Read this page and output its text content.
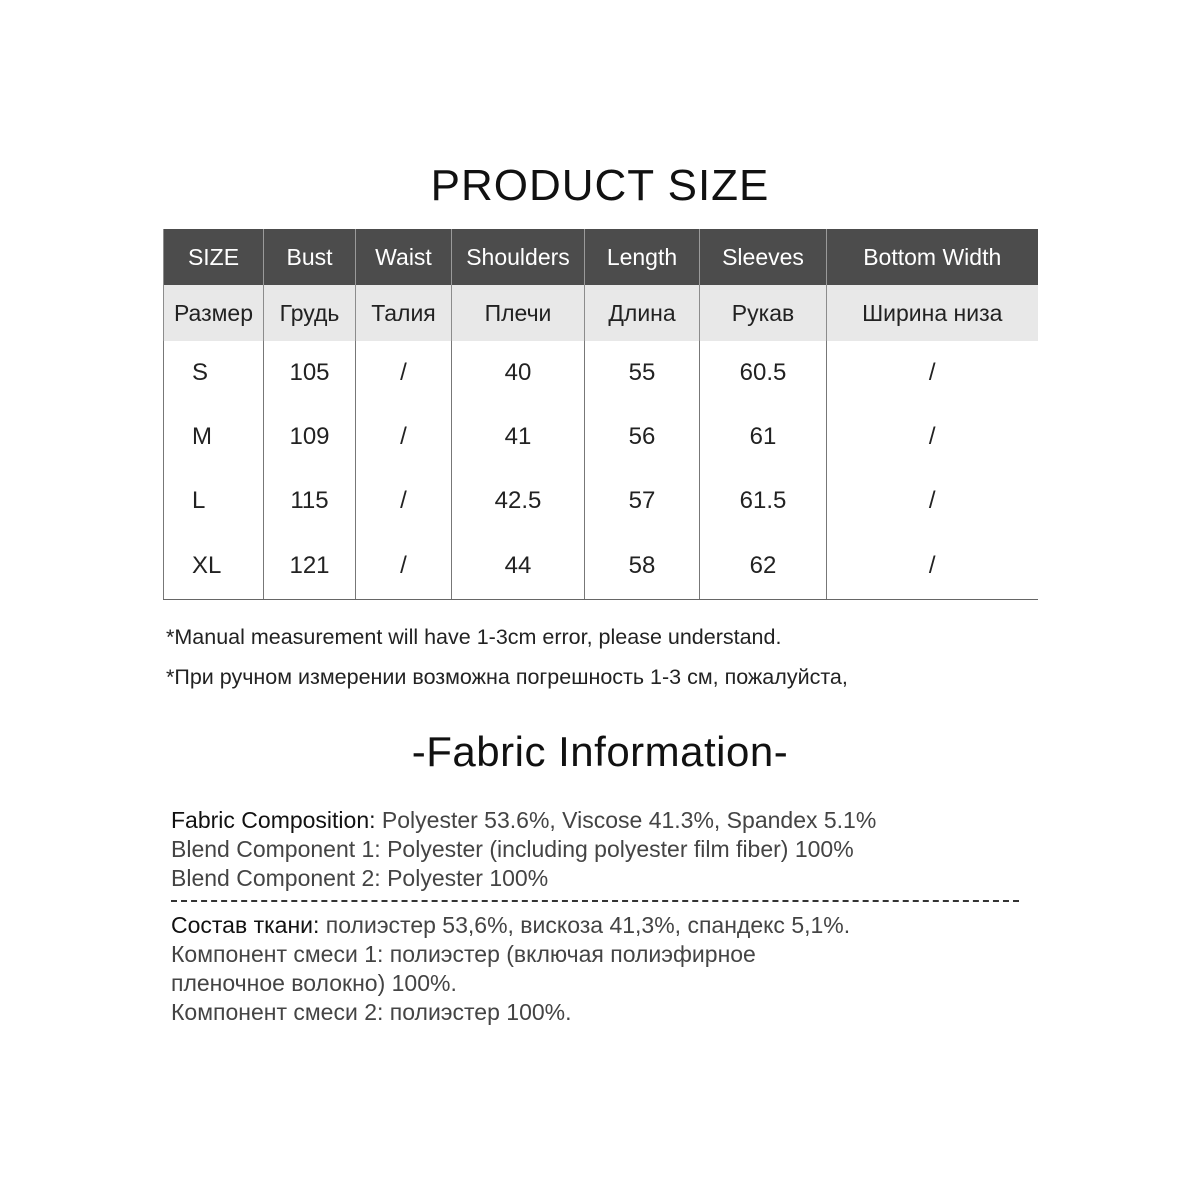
PRODUCT SIZE
SIZE	Bust	Waist	Shoulders	Length	Sleeves	Bottom Width
Размер	Грудь	Талия	Плечи	Длина	Рукав	Ширина низа
S	105	/	40	55	60.5	/
M	109	/	41	56	61	/
L	115	/	42.5	57	61.5	/
XL	121	/	44	58	62	/
*Manual measurement will have 1-3cm error, please understand.
*При ручном измерении возможна погрешность 1-3 см, пожалуйста,
-Fabric Information-
Fabric Composition: Polyester 53.6%, Viscose 41.3%, Spandex 5.1%
Blend Component 1: Polyester (including polyester film fiber) 100%
Blend Component 2: Polyester 100%
Состав ткани: полиэстер 53,6%, вискоза 41,3%, спандекс 5,1%.
Компонент смеси 1: полиэстер (включая полиэфирное
пленочное волокно) 100%.
Компонент смеси 2: полиэстер 100%.
